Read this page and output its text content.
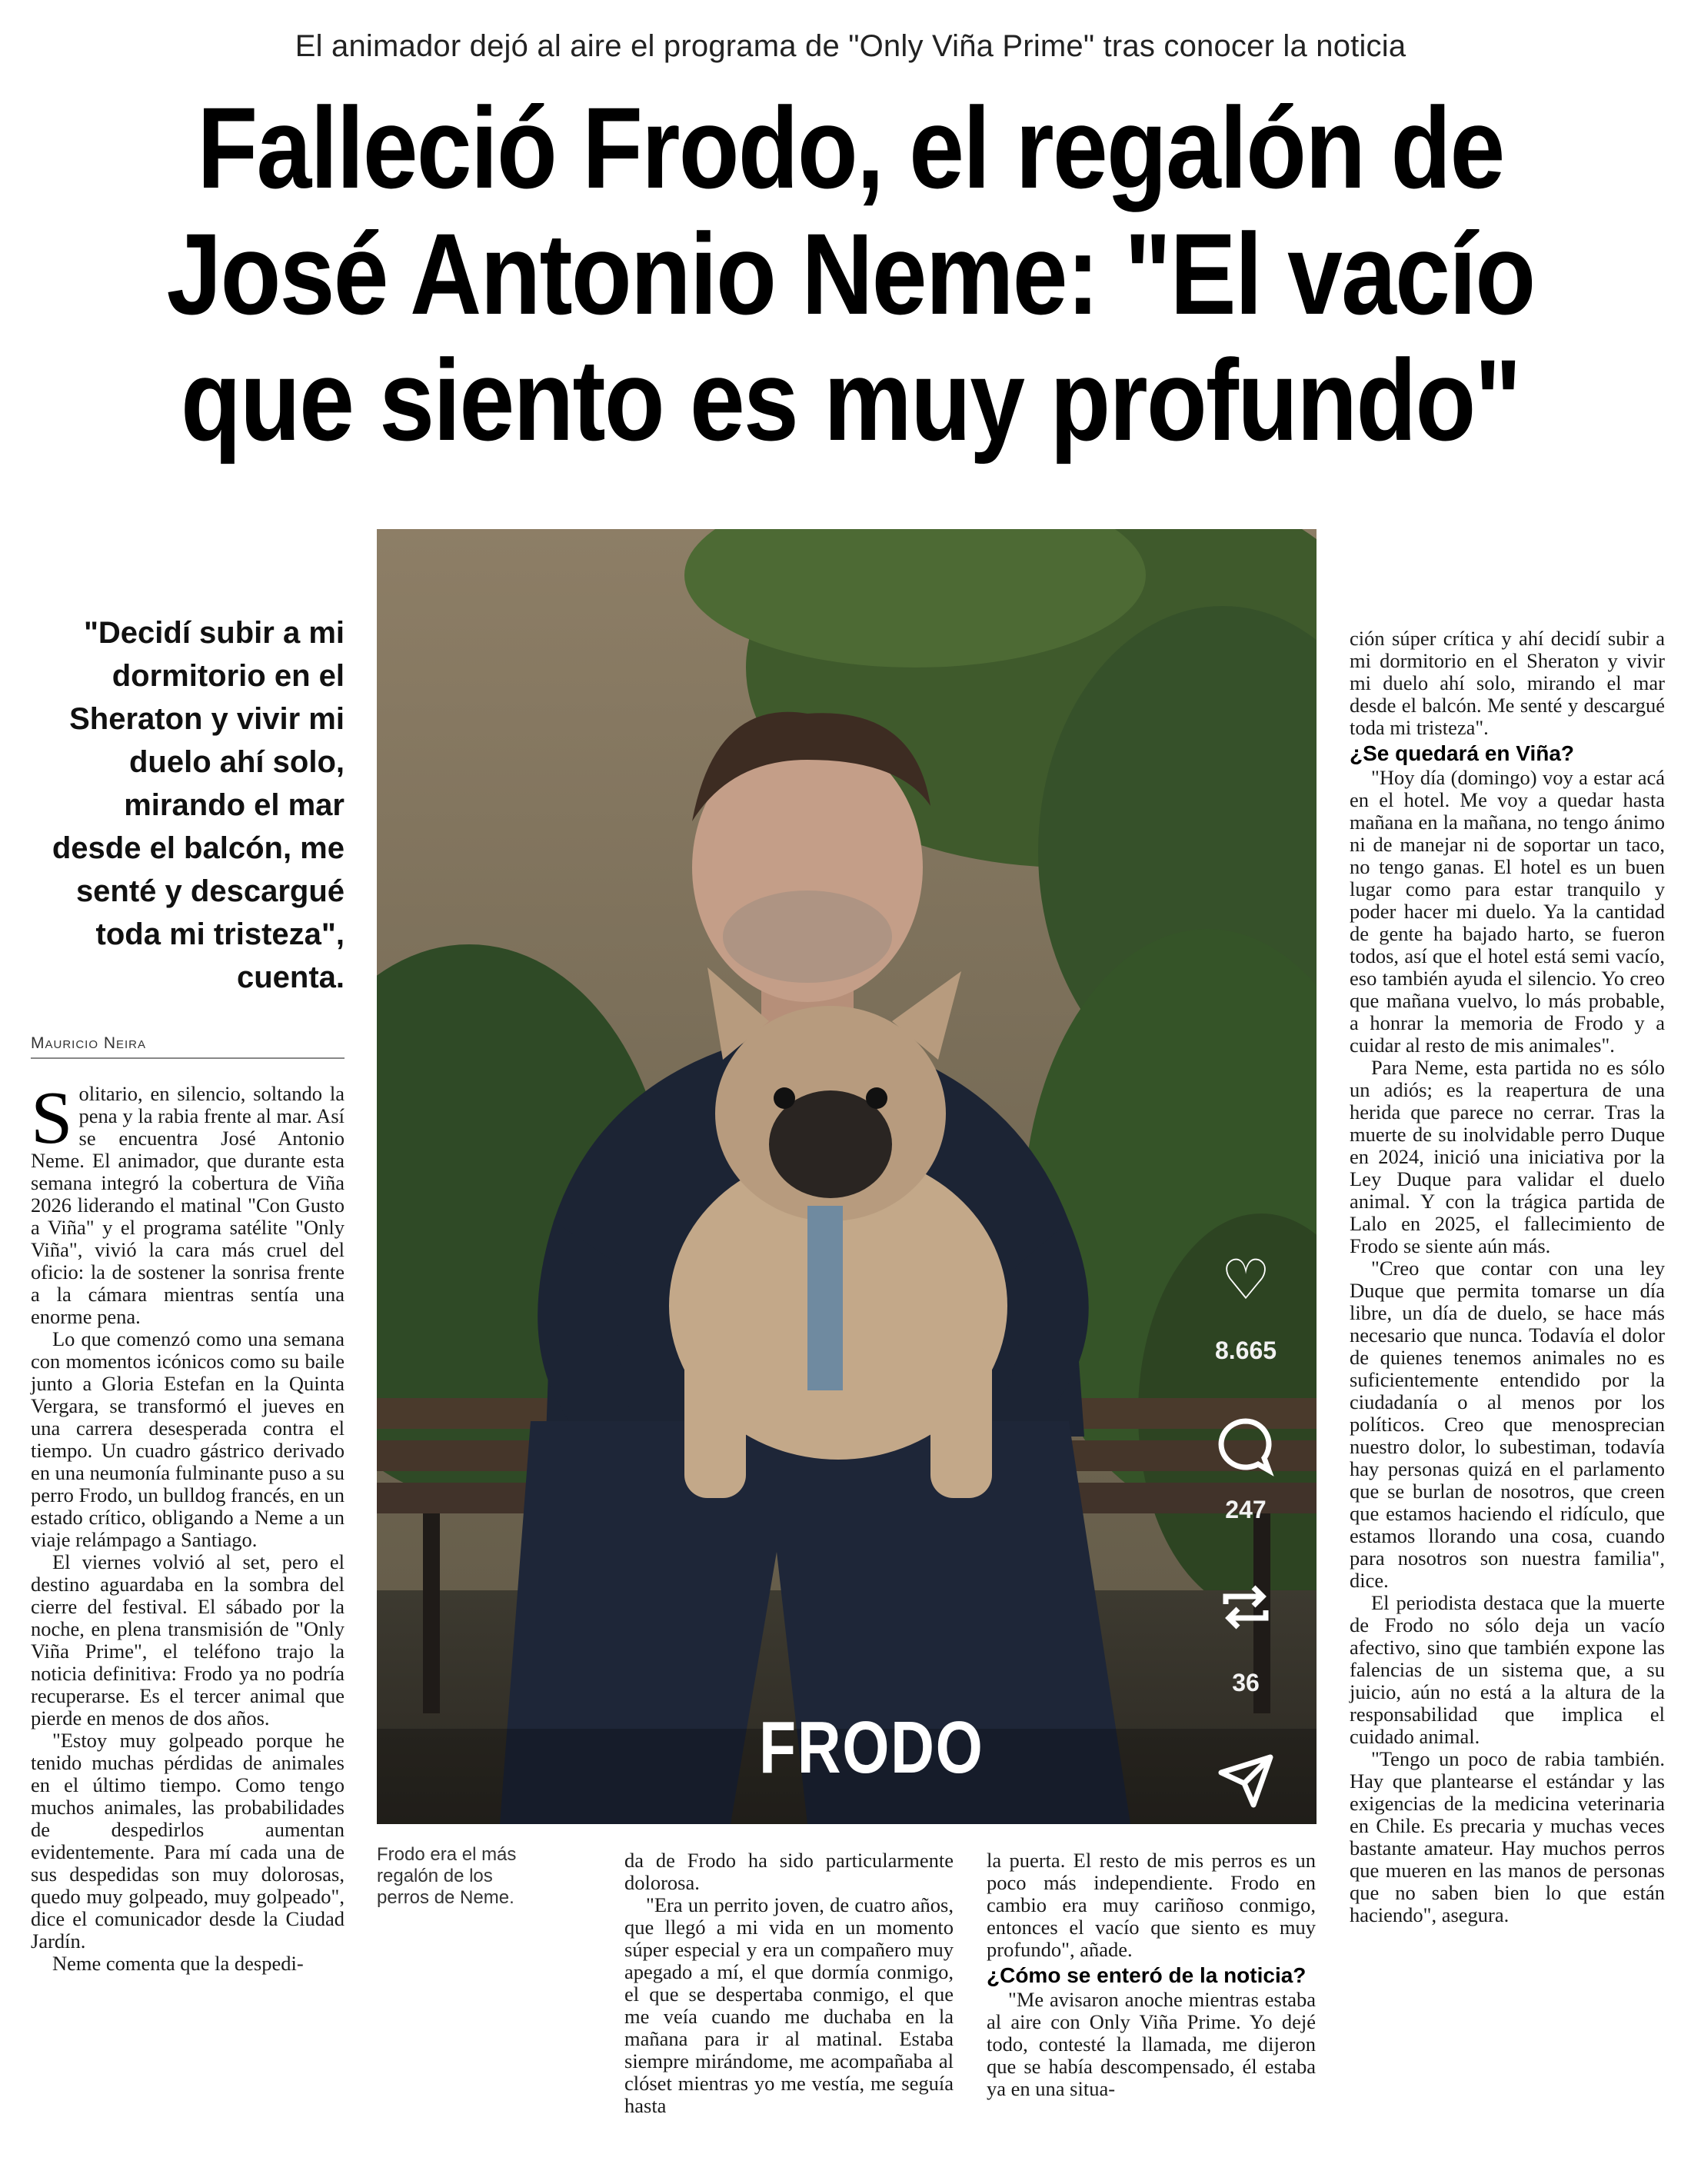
El animador dejó al aire el programa de "Only Viña Prime" tras conocer la noticia
Falleció Frodo, el regalón de José Antonio Neme: "El vacío que siento es muy profundo"
"Decidí subir a mi dormitorio en el Sheraton y vivir mi duelo ahí solo, mirando el mar desde el balcón, me senté y descargué toda mi tristeza", cuenta.
Mauricio Neira

Solitario, en silencio, soltando la pena y la rabia frente al mar. Así se encuentra José Antonio Neme. El animador, que durante esta semana integró la cobertura de Viña 2026 liderando el matinal "Con Gusto a Viña" y el programa satélite "Only Viña", vivió la cara más cruel del oficio: la de sostener la sonrisa frente a la cámara mientras sentía una enorme pena.

Lo que comenzó como una semana con momentos icónicos como su baile junto a Gloria Estefan en la Quinta Vergara, se transformó el jueves en una carrera desesperada contra el tiempo. Un cuadro gástrico derivado en una neumonía fulminante puso a su perro Frodo, un bulldog francés, en un estado crítico, obligando a Neme a un viaje relámpago a Santiago.

El viernes volvió al set, pero el destino aguardaba en la sombra del cierre del festival. El sábado por la noche, en plena transmisión de "Only Viña Prime", el teléfono trajo la noticia definitiva: Frodo ya no podría recuperarse. Es el tercer animal que pierde en menos de dos años.

"Estoy muy golpeado porque he tenido muchas pérdidas de animales en el último tiempo. Como tengo muchos animales, las probabilidades de despedirlos aumentan evidentemente. Para mí cada una de sus despedidas son muy dolorosas, quedo muy golpeado, muy golpeado", dice el comunicador desde la Ciudad Jardín.

Neme comenta que la despedi-

♡
8.665
247
36
FRODO
Frodo era el más regalón de los perros de Neme.

da de Frodo ha sido particularmente dolorosa.

"Era un perrito joven, de cuatro años, que llegó a mi vida en un momento súper especial y era un compañero muy apegado a mí, el que dormía conmigo, el que se despertaba conmigo, el que me veía cuando me duchaba en la mañana para ir al matinal. Estaba siempre mirándome, me acompañaba al clóset mientras yo me vestía, me seguía hasta

la puerta. El resto de mis perros es un poco más independiente. Frodo en cambio era muy cariñoso conmigo, entonces el vacío que siento es muy profundo", añade.

¿Cómo se enteró de la noticia?

"Me avisaron anoche mientras estaba al aire con Only Viña Prime. Yo dejé todo, contesté la llamada, me dijeron que se había descompensado, él estaba ya en una situa-

ción súper crítica y ahí decidí subir a mi dormitorio en el Sheraton y vivir mi duelo ahí solo, mirando el mar desde el balcón. Me senté y descargué toda mi tristeza".

¿Se quedará en Viña?

"Hoy día (domingo) voy a estar acá en el hotel. Me voy a quedar hasta mañana en la mañana, no tengo ánimo ni de manejar ni de soportar un taco, no tengo ganas. El hotel es un buen lugar como para estar tranquilo y poder hacer mi duelo. Ya la cantidad de gente ha bajado harto, se fueron todos, así que el hotel está semi vacío, eso también ayuda el silencio. Yo creo que mañana vuelvo, lo más probable, a honrar la memoria de Frodo y a cuidar al resto de mis animales".

Para Neme, esta partida no es sólo un adiós; es la reapertura de una herida que parece no cerrar. Tras la muerte de su inolvidable perro Duque en 2024, inició una iniciativa por la Ley Duque para validar el duelo animal. Y con la trágica partida de Lalo en 2025, el fallecimiento de Frodo se siente aún más.

"Creo que contar con una ley Duque que permita tomarse un día libre, un día de duelo, se hace más necesario que nunca. Todavía el dolor de quienes tenemos animales no es suficientemente entendido por la ciudadanía o al menos por los políticos. Creo que menosprecian nuestro dolor, lo subestiman, todavía hay personas quizá en el parlamento que se burlan de nosotros, que creen que estamos haciendo el ridículo, que estamos llorando una cosa, cuando para nosotros son nuestra familia", dice.

El periodista destaca que la muerte de Frodo no sólo deja un vacío afectivo, sino que también expone las falencias de un sistema que, a su juicio, aún no está a la altura de la responsabilidad que implica el cuidado animal.

"Tengo un poco de rabia también. Hay que plantearse el estándar y las exigencias de la medicina veterinaria en Chile. Es precaria y muchas veces bastante amateur. Hay muchos perros que mueren en las manos de personas que no saben bien lo que están haciendo", asegura.
